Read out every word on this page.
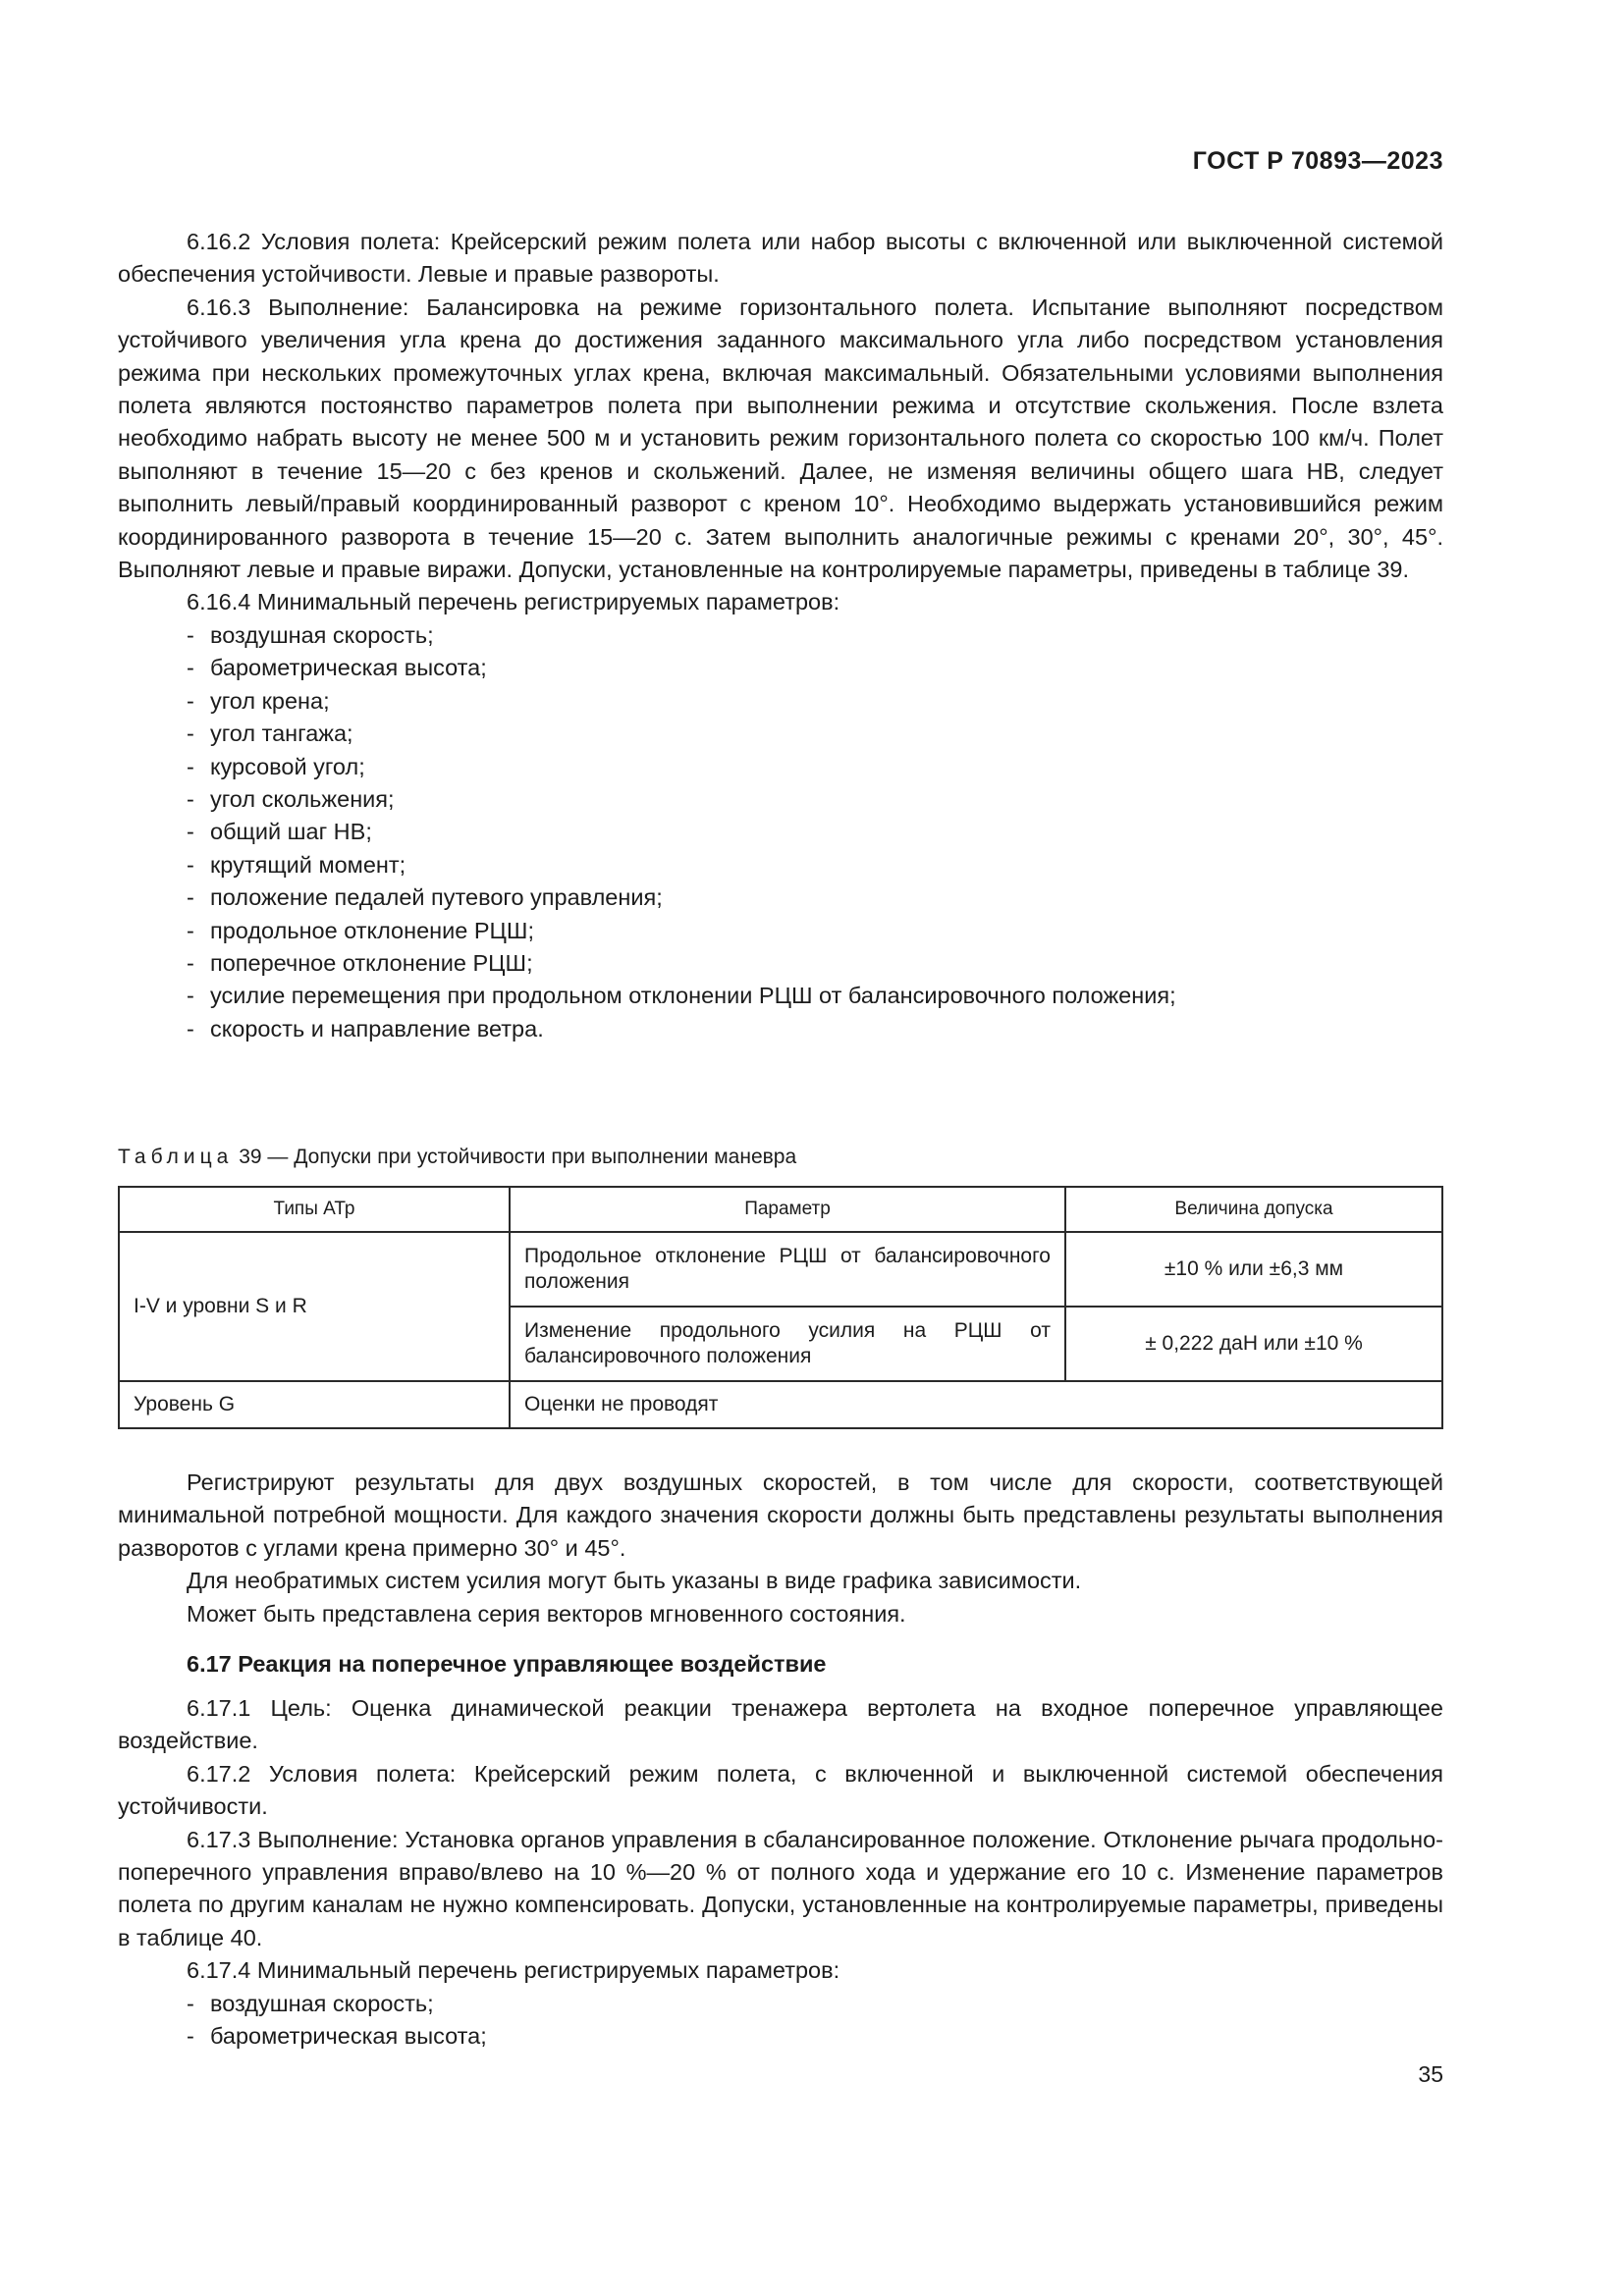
ГОСТ Р 70893—2023

6.16.2 Условия полета: Крейсерский режим полета или набор высоты с включенной или выключенной системой обеспечения устойчивости. Левые и правые развороты.

6.16.3 Выполнение: Балансировка на режиме горизонтального полета. Испытание выполняют посредством устойчивого увеличения угла крена до достижения заданного максимального угла либо посредством установления режима при нескольких промежуточных углах крена, включая максимальный. Обязательными условиями выполнения полета являются постоянство параметров полета при выполнении режима и отсутствие скольжения. После взлета необходимо набрать высоту не менее 500 м и установить режим горизонтального полета со скоростью 100 км/ч. Полет выполняют в течение 15—20 с без кренов и скольжений. Далее, не изменяя величины общего шага НВ, следует выполнить левый/правый координированный разворот с креном 10°. Необходимо выдержать установившийся режим координированного разворота в течение 15—20 с. Затем выполнить аналогичные режимы с кренами 20°, 30°, 45°. Выполняют левые и правые виражи. Допуски, установленные на контролируемые параметры, приведены в таблице 39.

6.16.4 Минимальный перечень регистрируемых параметров:

- воздушная скорость;
- барометрическая высота;
- угол крена;
- угол тангажа;
- курсовой угол;
- угол скольжения;
- общий шаг НВ;
- крутящий момент;
- положение педалей путевого управления;
- продольное отклонение РЦШ;
- поперечное отклонение РЦШ;
- усилие перемещения при продольном отклонении РЦШ от балансировочного положения;
- скорость и направление ветра.
Таблица 39 — Допуски при устойчивости при выполнении маневра
Типы АТр	Параметр	Величина допуска
I-V и уровни S и R	Продольное отклонение РЦШ от балансировочного положения	±10 % или ±6,3 мм
	Изменение продольного усилия на РЦШ от балансировочного положения	± 0,222 даН или ±10 %
Уровень G	Оценки не проводят	

Регистрируют результаты для двух воздушных скоростей, в том числе для скорости, соответствующей минимальной потребной мощности. Для каждого значения скорости должны быть представлены результаты выполнения разворотов с углами крена примерно 30° и 45°.

Для необратимых систем усилия могут быть указаны в виде графика зависимости.

Может быть представлена серия векторов мгновенного состояния.

6.17 Реакция на поперечное управляющее воздействие

6.17.1 Цель: Оценка динамической реакции тренажера вертолета на входное поперечное управляющее воздействие.

6.17.2 Условия полета: Крейсерский режим полета, с включенной и выключенной системой обеспечения устойчивости.

6.17.3 Выполнение: Установка органов управления в сбалансированное положение. Отклонение рычага продольно-поперечного управления вправо/влево на 10 %—20 % от полного хода и удержание его 10 с. Изменение параметров полета по другим каналам не нужно компенсировать. Допуски, установленные на контролируемые параметры, приведены в таблице 40.

6.17.4 Минимальный перечень регистрируемых параметров:

- воздушная скорость;
- барометрическая высота;
35
